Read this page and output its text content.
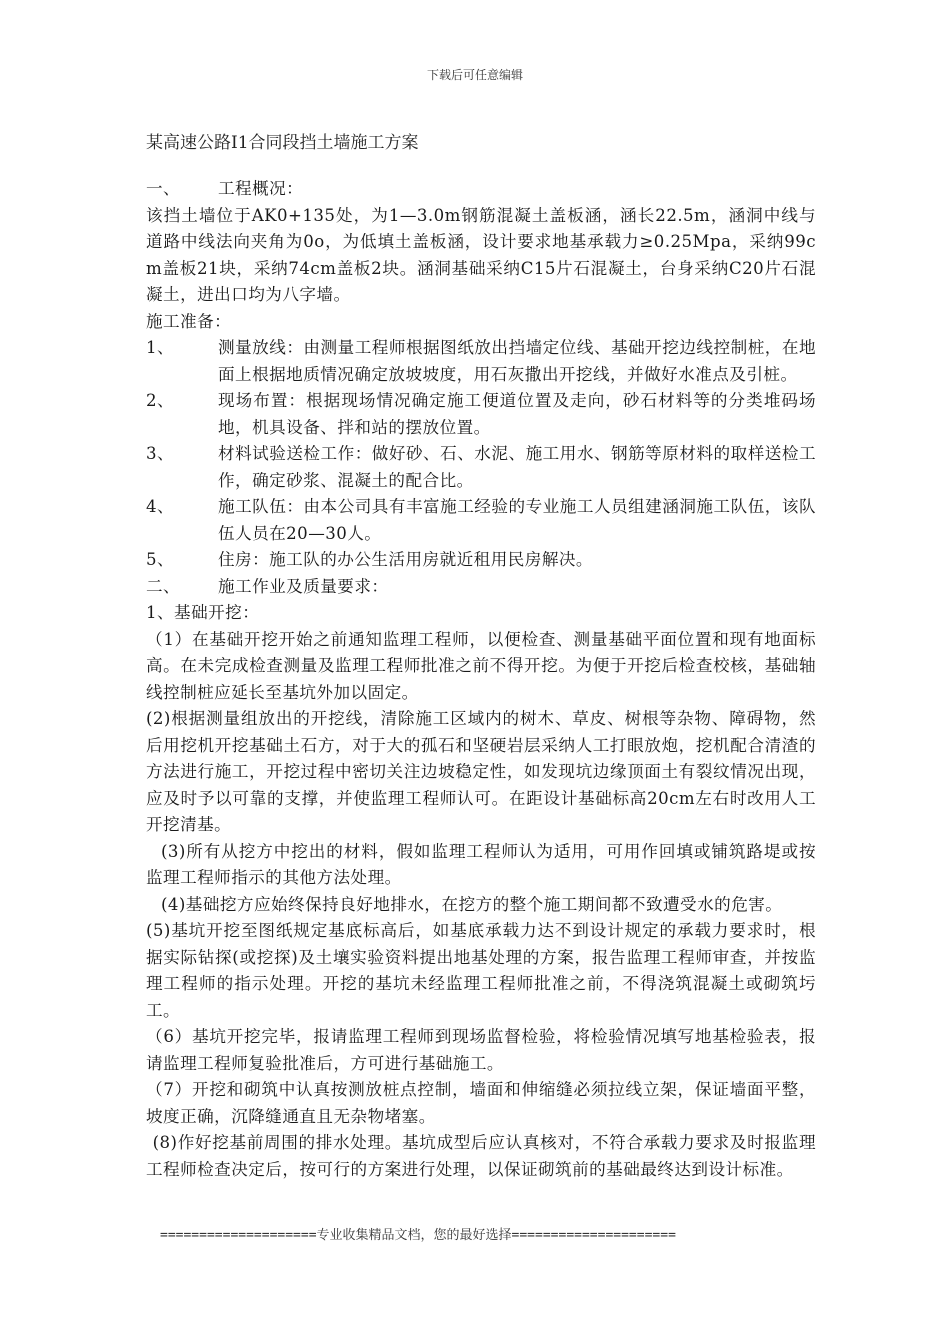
下载后可任意编辑
某高速公路I1合同段挡土墙施工方案
一、	工程概况：

该挡土墙位于AK0+135处，为1—3.0m钢筋混凝土盖板涵，涵长22.5m，涵洞中线与道路中线法向夹角为0o，为低填土盖板涵，设计要求地基承载力≥0.25Mpa，采纳99cm盖板21块，采纳74cm盖板2块。涵洞基础采纳C15片石混凝土，台身采纳C20片石混凝土，进出口均为八字墙。

施工准备：

1、	测量放线：由测量工程师根据图纸放出挡墙定位线、基础开挖边线控制桩，在地面上根据地质情况确定放坡坡度，用石灰撒出开挖线，并做好水准点及引桩。
2、	现场布置：根据现场情况确定施工便道位置及走向，砂石材料等的分类堆码场地，机具设备、拌和站的摆放位置。
3、	材料试验送检工作：做好砂、石、水泥、施工用水、钢筋等原材料的取样送检工作，确定砂浆、混凝土的配合比。
4、	施工队伍：由本公司具有丰富施工经验的专业施工人员组建涵洞施工队伍，该队伍人员在20—30人。
5、	住房：施工队的办公生活用房就近租用民房解决。
二、	施工作业及质量要求：

1、基础开挖：

（1）在基础开挖开始之前通知监理工程师，以便检查、测量基础平面位置和现有地面标高。在未完成检查测量及监理工程师批准之前不得开挖。为便于开挖后检查校核，基础轴线控制桩应延长至基坑外加以固定。

(2)根据测量组放出的开挖线，清除施工区域内的树木、草皮、树根等杂物、障碍物，然后用挖机开挖基础土石方，对于大的孤石和坚硬岩层采纳人工打眼放炮，挖机配合清渣的方法进行施工，开挖过程中密切关注边坡稳定性，如发现坑边缘顶面土有裂纹情况出现，应及时予以可靠的支撑，并使监理工程师认可。在距设计基础标高20cm左右时改用人工开挖清基。

(3)所有从挖方中挖出的材料，假如监理工程师认为适用，可用作回填或铺筑路堤或按监理工程师指示的其他方法处理。

(4)基础挖方应始终保持良好地排水，在挖方的整个施工期间都不致遭受水的危害。

(5)基坑开挖至图纸规定基底标高后，如基底承载力达不到设计规定的承载力要求时，根据实际钻探(或挖探)及土壤实验资料提出地基处理的方案，报告监理工程师审查，并按监理工程师的指示处理。开挖的基坑未经监理工程师批准之前，不得浇筑混凝土或砌筑圬工。

（6）基坑开挖完毕，报请监理工程师到现场监督检验，将检验情况填写地基检验表，报请监理工程师复验批准后，方可进行基础施工。

（7）开挖和砌筑中认真按测放桩点控制，墙面和伸缩缝必须拉线立架，保证墙面平整，坡度正确，沉降缝通直且无杂物堵塞。

(8)作好挖基前周围的排水处理。基坑成型后应认真核对，不符合承载力要求及时报监理工程师检查决定后，按可行的方案进行处理，以保证砌筑前的基础最终达到设计标准。

====================专业收集精品文档，您的最好选择=====================
